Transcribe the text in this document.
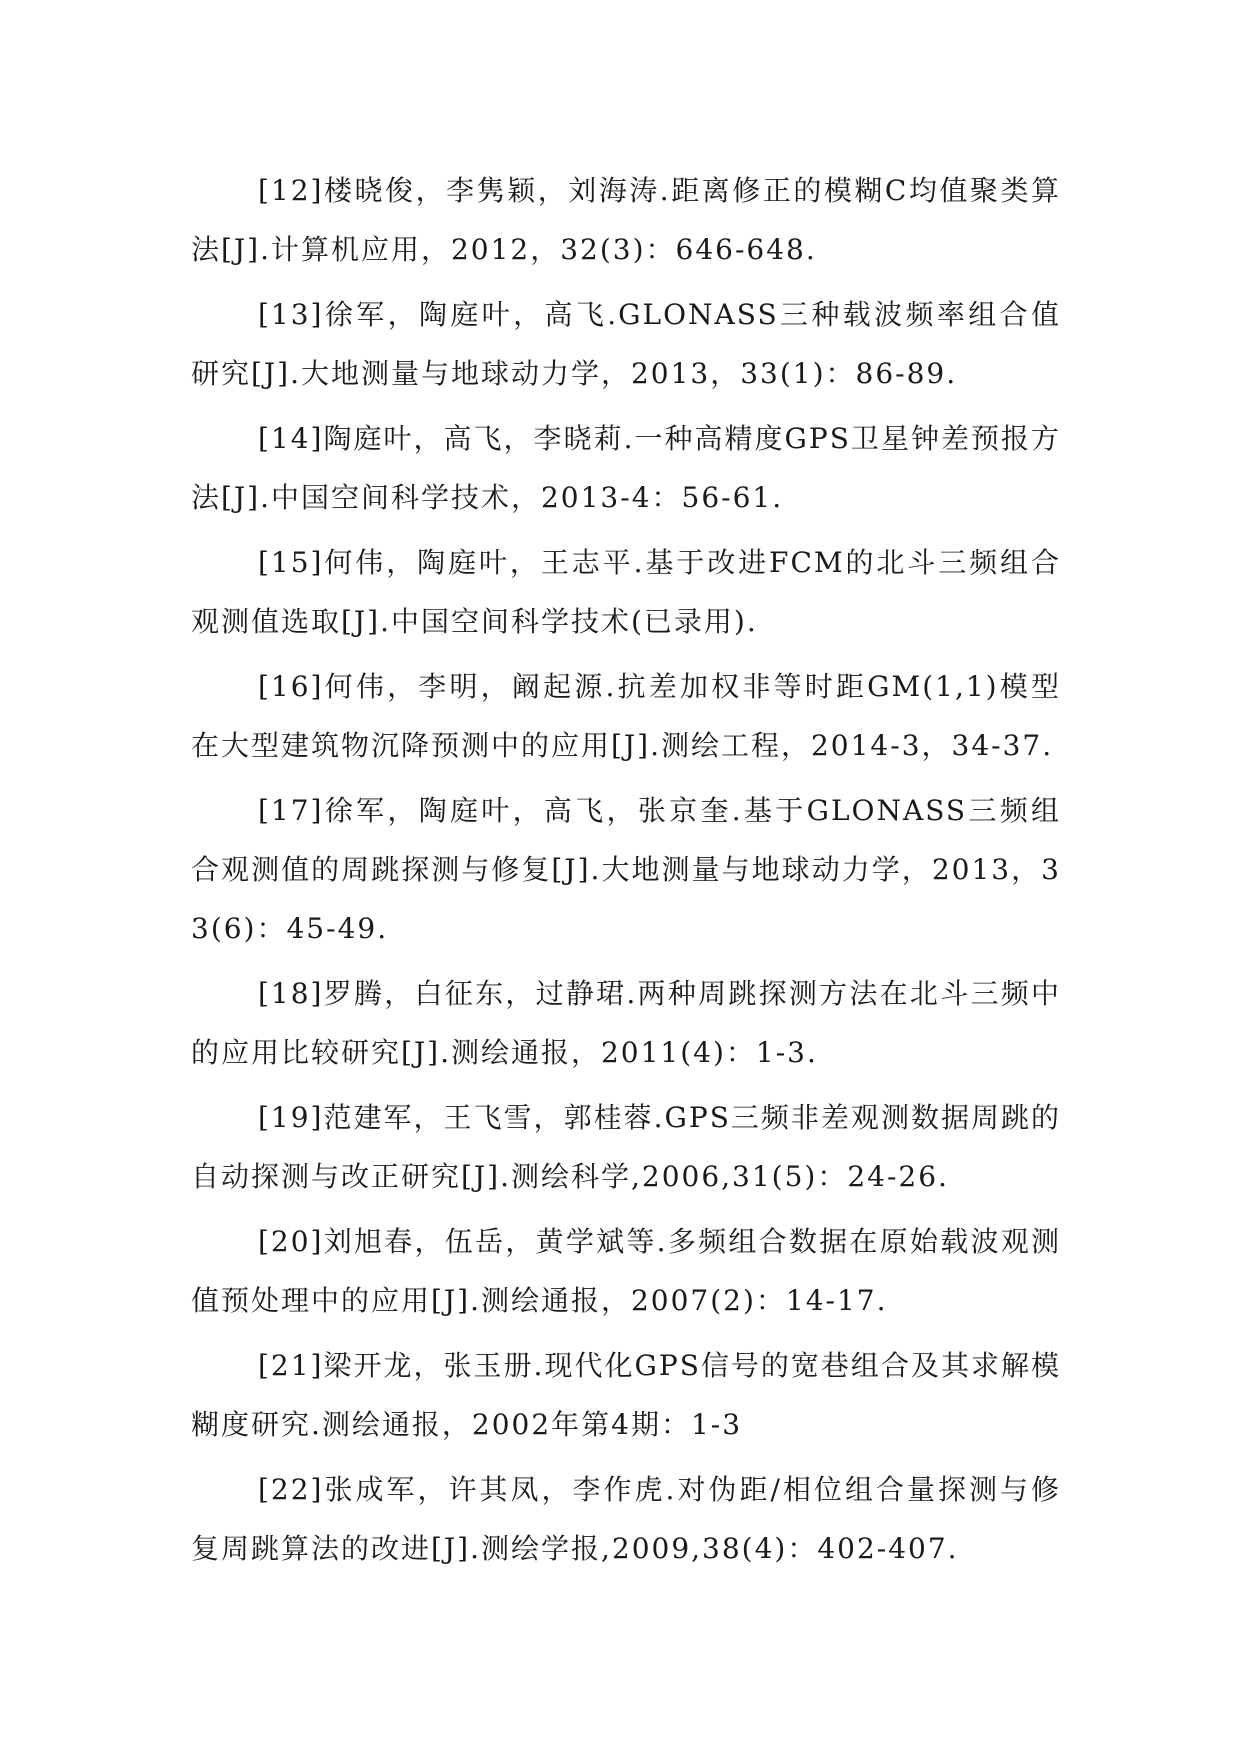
[12]楼晓俊，李隽颖，刘海涛.距离修正的模糊C均值聚类算法[J].计算机应用，2012，32(3)：646-648.

[13]徐军，陶庭叶，高飞.GLONASS三种载波频率组合值研究[J].大地测量与地球动力学，2013，33(1)：86-89.

[14]陶庭叶，高飞，李晓莉.一种高精度GPS卫星钟差预报方法[J].中国空间科学技术，2013-4：56-61.

[15]何伟，陶庭叶，王志平.基于改进FCM的北斗三频组合观测值选取[J].中国空间科学技术(已录用).

[16]何伟，李明，阚起源.抗差加权非等时距GM(1,1)模型在大型建筑物沉降预测中的应用[J].测绘工程，2014-3，34-37.

[17]徐军，陶庭叶，高飞，张京奎.基于GLONASS三频组合观测值的周跳探测与修复[J].大地测量与地球动力学，2013，33(6)：45-49.

[18]罗腾，白征东，过静珺.两种周跳探测方法在北斗三频中的应用比较研究[J].测绘通报，2011(4)：1-3.

[19]范建军，王飞雪，郭桂蓉.GPS三频非差观测数据周跳的自动探测与改正研究[J].测绘科学,2006,31(5)：24-26.

[20]刘旭春，伍岳，黄学斌等.多频组合数据在原始载波观测值预处理中的应用[J].测绘通报，2007(2)：14-17.

[21]梁开龙，张玉册.现代化GPS信号的宽巷组合及其求解模糊度研究.测绘通报，2002年第4期：1-3

[22]张成军，许其凤，李作虎.对伪距/相位组合量探测与修复周跳算法的改进[J].测绘学报,2009,38(4)：402-407.
